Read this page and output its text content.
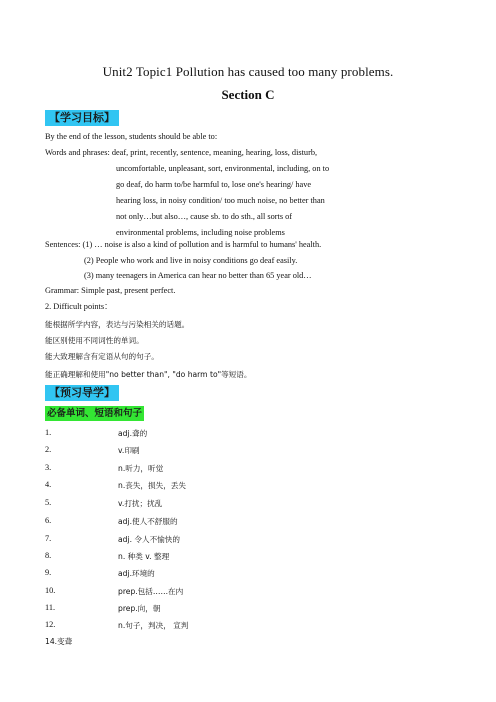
Unit2 Topic1 Pollution has caused too many problems.
Section C
【学习目标】
By the end of the lesson, students should be able to:
Words and phrases: deaf, print, recently, sentence, meaning, hearing, loss, disturb,
uncomfortable, unpleasant, sort, environmental, including, on to
go deaf, do harm to/be harmful to, lose one's hearing/ have
hearing loss, in noisy condition/ too much noise, no better than
not only…but also…, cause sb. to do sth., all sorts of
environmental problems, including noise problems
Sentences: (1) … noise is also a kind of pollution and is harmful to humans' health.
(2) People who work and live in noisy conditions go deaf easily.
(3) many teenagers in America can hear no better than 65 year old…
Grammar: Simple past, present perfect.
2. Difficult points：
能根据所学内容，表达与污染相关的话题。
能区别使用不同词性的单词。
能大致理解含有定语从句的句子。
能正确理解和使用"no better than", "do harm to"等短语。
【预习导学】
必备单词、短语和句子
1.	adj.聋的
2.	v.印刷
3.	n.听力，听觉
4.	n.丧失，损失，丢失
5.	v.打扰；扰乱
6.	adj.使人不舒服的
7.	adj. 令人不愉快的
8.	n. 种类 v. 整理
9.	adj.环境的
10.	prep.包括……在内
11.	prep.向，朝
12.	n.句子，判决， 宣判
14.变聋
